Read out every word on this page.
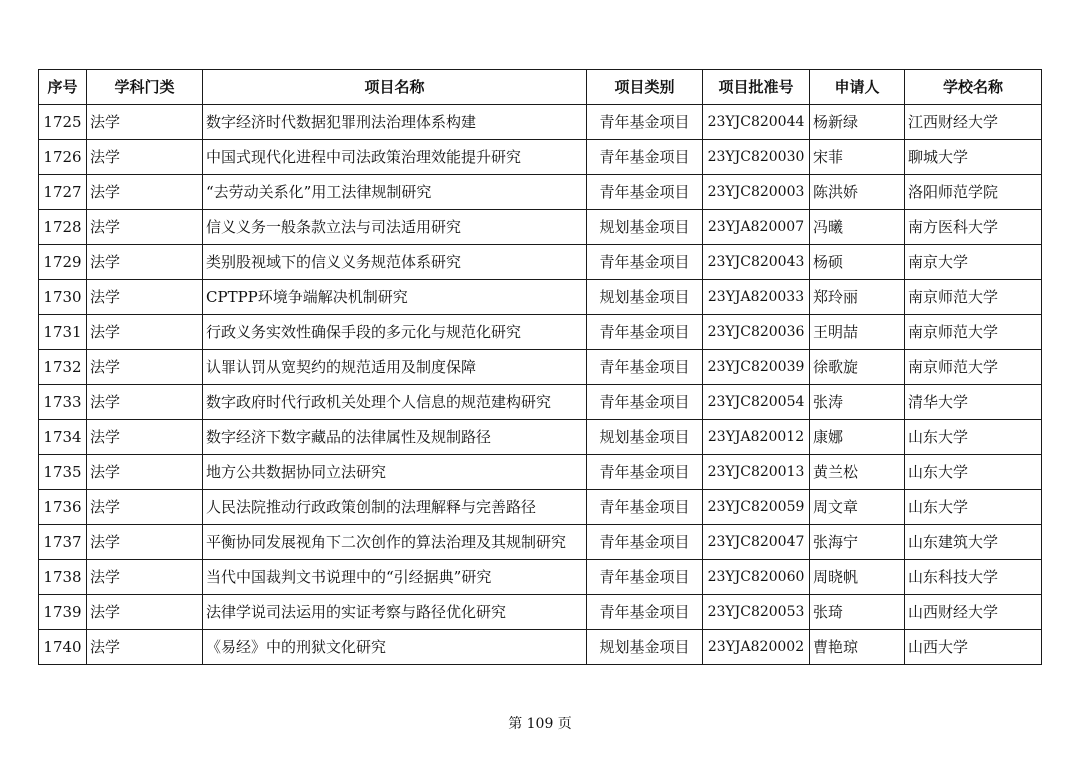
序号	学科门类	项目名称	项目类别	项目批准号	申请人	学校名称
1725	法学	数字经济时代数据犯罪刑法治理体系构建	青年基金项目	23YJC820044	杨新绿	江西财经大学
1726	法学	中国式现代化进程中司法政策治理效能提升研究	青年基金项目	23YJC820030	宋菲	聊城大学
1727	法学	“去劳动关系化”用工法律规制研究	青年基金项目	23YJC820003	陈洪娇	洛阳师范学院
1728	法学	信义义务一般条款立法与司法适用研究	规划基金项目	23YJA820007	冯曦	南方医科大学
1729	法学	类别股视域下的信义义务规范体系研究	青年基金项目	23YJC820043	杨硕	南京大学
1730	法学	CPTPP环境争端解决机制研究	规划基金项目	23YJA820033	郑玲丽	南京师范大学
1731	法学	行政义务实效性确保手段的多元化与规范化研究	青年基金项目	23YJC820036	王明喆	南京师范大学
1732	法学	认罪认罚从宽契约的规范适用及制度保障	青年基金项目	23YJC820039	徐歌旋	南京师范大学
1733	法学	数字政府时代行政机关处理个人信息的规范建构研究	青年基金项目	23YJC820054	张涛	清华大学
1734	法学	数字经济下数字藏品的法律属性及规制路径	规划基金项目	23YJA820012	康娜	山东大学
1735	法学	地方公共数据协同立法研究	青年基金项目	23YJC820013	黄兰松	山东大学
1736	法学	人民法院推动行政政策创制的法理解释与完善路径	青年基金项目	23YJC820059	周文章	山东大学
1737	法学	平衡协同发展视角下二次创作的算法治理及其规制研究	青年基金项目	23YJC820047	张海宁	山东建筑大学
1738	法学	当代中国裁判文书说理中的“引经据典”研究	青年基金项目	23YJC820060	周晓帆	山东科技大学
1739	法学	法律学说司法运用的实证考察与路径优化研究	青年基金项目	23YJC820053	张琦	山西财经大学
1740	法学	《易经》中的刑狱文化研究	规划基金项目	23YJA820002	曹艳琼	山西大学
第 109 页
